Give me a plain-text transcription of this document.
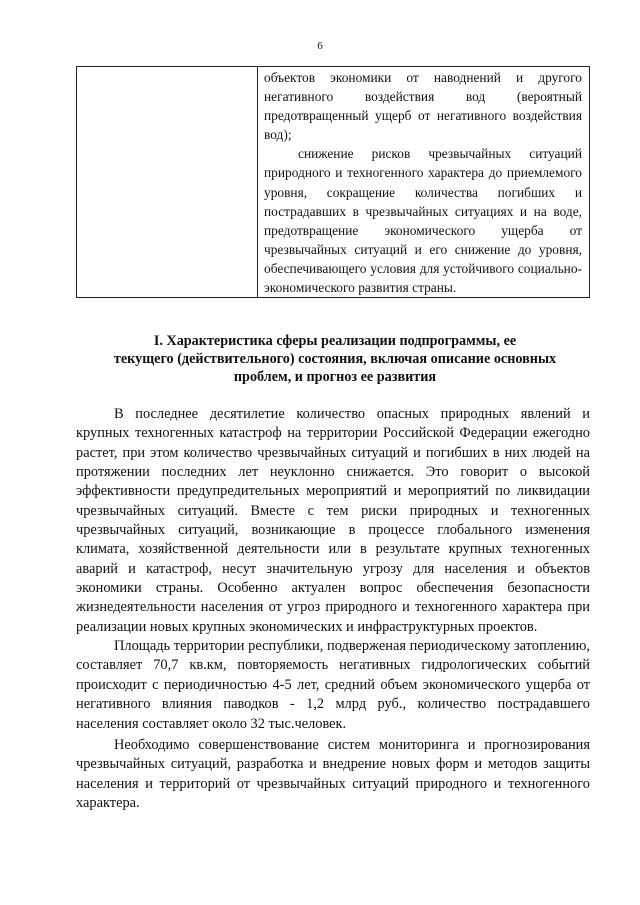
6

объектов экономики от наводнений и другого негативного воздействия вод (вероятный предотвращенный ущерб от негативного воздействия вод);

снижение рисков чрезвычайных ситуаций природного и техногенного характера до приемлемого уровня, сокращение количества погибших и пострадавших в чрезвычайных ситуациях и на воде, предотвращение экономического ущерба от чрезвычайных ситуаций и его снижение до уровня, обеспечивающего условия для устойчивого социально-экономического развития страны.

I. Характеристика сферы реализации подпрограммы, ее
текущего (действительного) состояния, включая описание основных
проблем, и прогноз ее развития

В последнее десятилетие количество опасных природных явлений и крупных техногенных катастроф на территории Российской Федерации ежегодно растет, при этом количество чрезвычайных ситуаций и погибших в них людей на протяжении последних лет неуклонно снижается. Это говорит о высокой эффективности предупредительных мероприятий и мероприятий по ликвидации чрезвычайных ситуаций. Вместе с тем риски природных и техногенных чрезвычайных ситуаций, возникающие в процессе глобального изменения климата, хозяйственной деятельности или в результате крупных техногенных аварий и катастроф, несут значительную угрозу для населения и объектов экономики страны. Особенно актуален вопрос обеспечения безопасности жизнедеятельности населения от угроз природного и техногенного характера при реализации новых крупных экономических и инфраструктурных проектов.

Площадь территории республики, подверженая периодическому затоплению, составляет 70,7 кв.км, повторяемость негативных гидрологических событий происходит с периодичностью 4-5 лет, средний объем экономического ущерба от негативного влияния паводков - 1,2 млрд руб., количество пострадавшего населения составляет около 32 тыс.человек.

Необходимо совершенствование систем мониторинга и прогнозирования чрезвычайных ситуаций, разработка и внедрение новых форм и методов защиты населения и территорий от чрезвычайных ситуаций природного и техногенного характера.
